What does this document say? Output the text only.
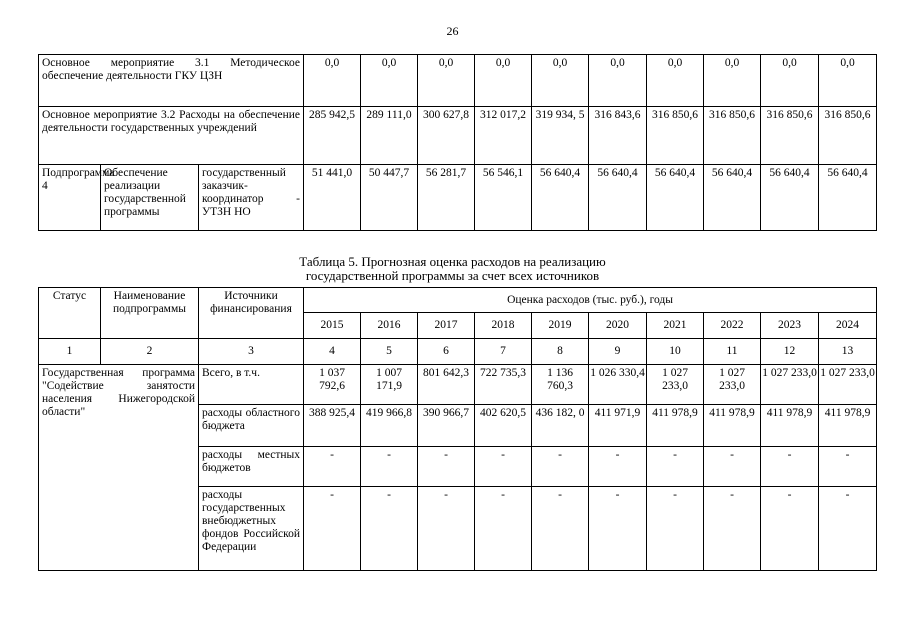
26
Основное мероприятие 3.1 Методическое обеспечение деятельности ГКУ ЦЗН			0,0	0,0	0,0	0,0	0,0	0,0	0,0	0,0	0,0	0,0
Основное мероприятие 3.2 Расходы на обеспечение деятельности государственных учреждений			285 942,5	289 111,0	300 627,8	312 017,2	319 934, 5	316 843,6	316 850,6	316 850,6	316 850,6	316 850,6
Подпрограмма 4	Обеспечение реализации государственной программы	государственный заказчик-координатор - УТЗН НО	51 441,0	50 447,7	56 281,7	56 546,1	56 640,4	56 640,4	56 640,4	56 640,4	56 640,4	56 640,4
Таблица 5. Прогнозная оценка расходов на реализацию
государственной программы за счет всех источников
Статус	Наименование подпрограммы	Источники финансирования	Оценка расходов (тыс. руб.), годы									
			2015	2016	2017	2018	2019	2020	2021	2022	2023	2024
1	2	3	4	5	6	7	8	9	10	11	12	13
Государственная программа "Содействие занятости населения Нижегородской области"		Всего, в т.ч.	1 037 792,6	1 007 171,9	801 642,3	722 735,3	1 136 760,3	1 026 330,4	1 027 233,0	1 027 233,0	1 027 233,0	1 027 233,0
		расходы областного бюджета	388 925,4	419 966,8	390 966,7	402 620,5	436 182, 0	411 971,9	411 978,9	411 978,9	411 978,9	411 978,9
		расходы местных бюджетов	-	-	-	-	-	-	-	-	-	-
		расходы государственных внебюджетных фондов Российской Федерации	-	-	-	-	-	-	-	-	-	-
